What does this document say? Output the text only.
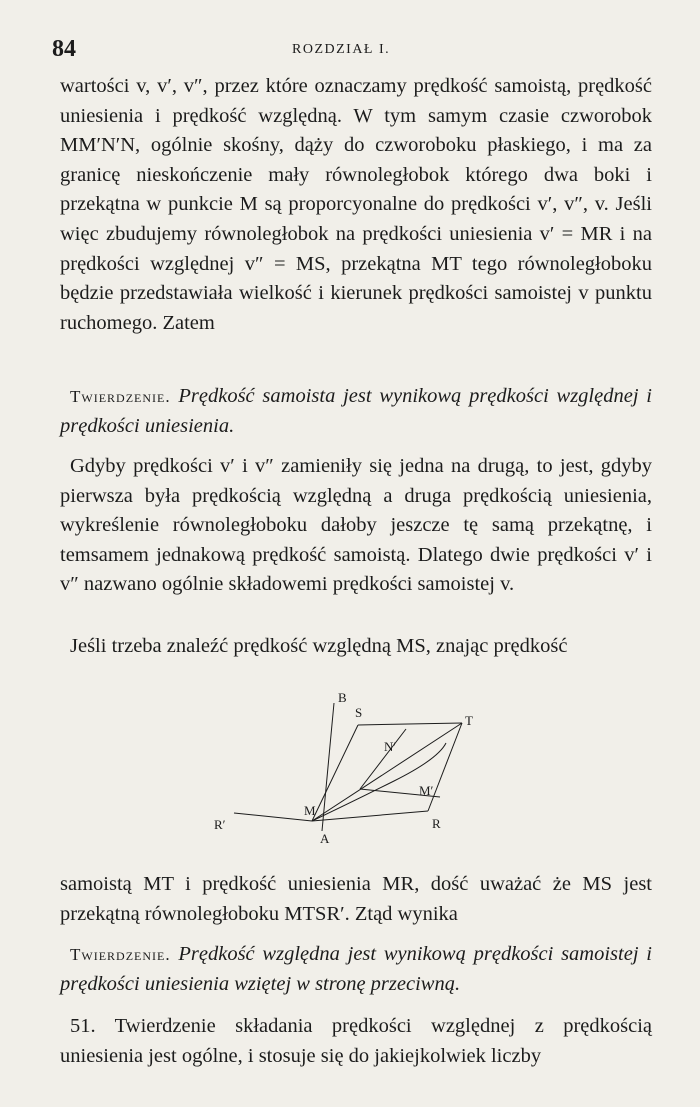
84	ROZDZIAŁ I.

wartości v, v′, v″, przez które oznaczamy prędkość samoistą, prędkość uniesienia i prędkość względną. W tym samym czasie czworobok MM′N′N, ogólnie skośny, dąży do czworoboku płaskiego, i ma za granicę nieskończenie mały równoległobok którego dwa boki i przekątna w punkcie M są proporcyonalne do prędkości v′, v″, v. Jeśli więc zbudujemy równoległobok na prędkości uniesienia v′ = MR i na prędkości względnej v″ = MS, przekątna MT tego równoległoboku będzie przedstawiała wielkość i kierunek prędkości samoistej v punktu ruchomego. Zatem

Twierdzenie. Prędkość samoista jest wynikową prędkości względnej i prędkości uniesienia.

Gdyby prędkości v′ i v″ zamieniły się jedna na drugą, to jest, gdyby pierwsza była prędkością względną a druga prędkością uniesienia, wykreślenie równoległoboku dałoby jeszcze tę samą przekątnę, i temsamem jednakową prędkość samoistą. Dlatego dwie prędkości v′ i v″ nazwano ogólnie składowemi prędkości samoistej v.

Jeśli trzeba znaleźć prędkość względną MS, znając prędkość

B
S
T
N′
M′
R′
M
A
R

samoistą MT i prędkość uniesienia MR, dość uważać że MS jest przekątną równoległoboku MTSR′. Ztąd wynika

Twierdzenie. Prędkość względna jest wynikową prędkości samoistej i prędkości uniesienia wziętej w stronę przeciwną.

51. Twierdzenie składania prędkości względnej z prędkością uniesienia jest ogólne, i stosuje się do jakiejkolwiek liczby
